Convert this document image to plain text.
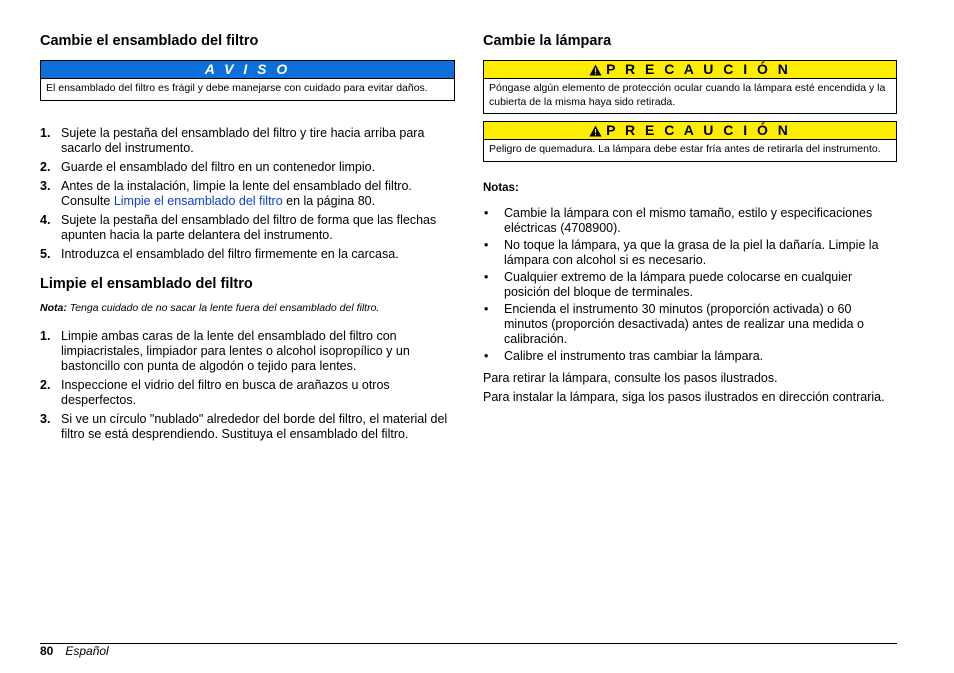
Cambie el ensamblado del filtro
A V I S O
El ensamblado del filtro es frágil y debe manejarse con cuidado para evitar daños.
1. Sujete la pestaña del ensamblado del filtro y tire hacia arriba para sacarlo del instrumento.
2. Guarde el ensamblado del filtro en un contenedor limpio.
3. Antes de la instalación, limpie la lente del ensamblado del filtro. Consulte Limpie el ensamblado del filtro en la página 80.
4. Sujete la pestaña del ensamblado del filtro de forma que las flechas apunten hacia la parte delantera del instrumento.
5. Introduzca el ensamblado del filtro firmemente en la carcasa.
Limpie el ensamblado del filtro
Nota: Tenga cuidado de no sacar la lente fuera del ensamblado del filtro.
1. Limpie ambas caras de la lente del ensamblado del filtro con limpiacristales, limpiador para lentes o alcohol isopropílico y un bastoncillo con punta de algodón o tejido para lentes.
2. Inspeccione el vidrio del filtro en busca de arañazos u otros desperfectos.
3. Si ve un círculo "nublado" alrededor del borde del filtro, el material del filtro se está desprendiendo. Sustituya el ensamblado del filtro.
Cambie la lámpara
P R E C A U C I Ó N
Póngase algún elemento de protección ocular cuando la lámpara esté encendida y la cubierta de la misma haya sido retirada.
P R E C A U C I Ó N
Peligro de quemadura. La lámpara debe estar fría antes de retirarla del instrumento.
Notas:
• Cambie la lámpara con el mismo tamaño, estilo y especificaciones eléctricas (4708900).
• No toque la lámpara, ya que la grasa de la piel la dañaría. Limpie la lámpara con alcohol si es necesario.
• Cualquier extremo de la lámpara puede colocarse en cualquier posición del bloque de terminales.
• Encienda el instrumento 30 minutos (proporción activada) o 60 minutos (proporción desactivada) antes de realizar una medida o calibración.
• Calibre el instrumento tras cambiar la lámpara.
Para retirar la lámpara, consulte los pasos ilustrados.
Para instalar la lámpara, siga los pasos ilustrados en dirección contraria.
80 Español
